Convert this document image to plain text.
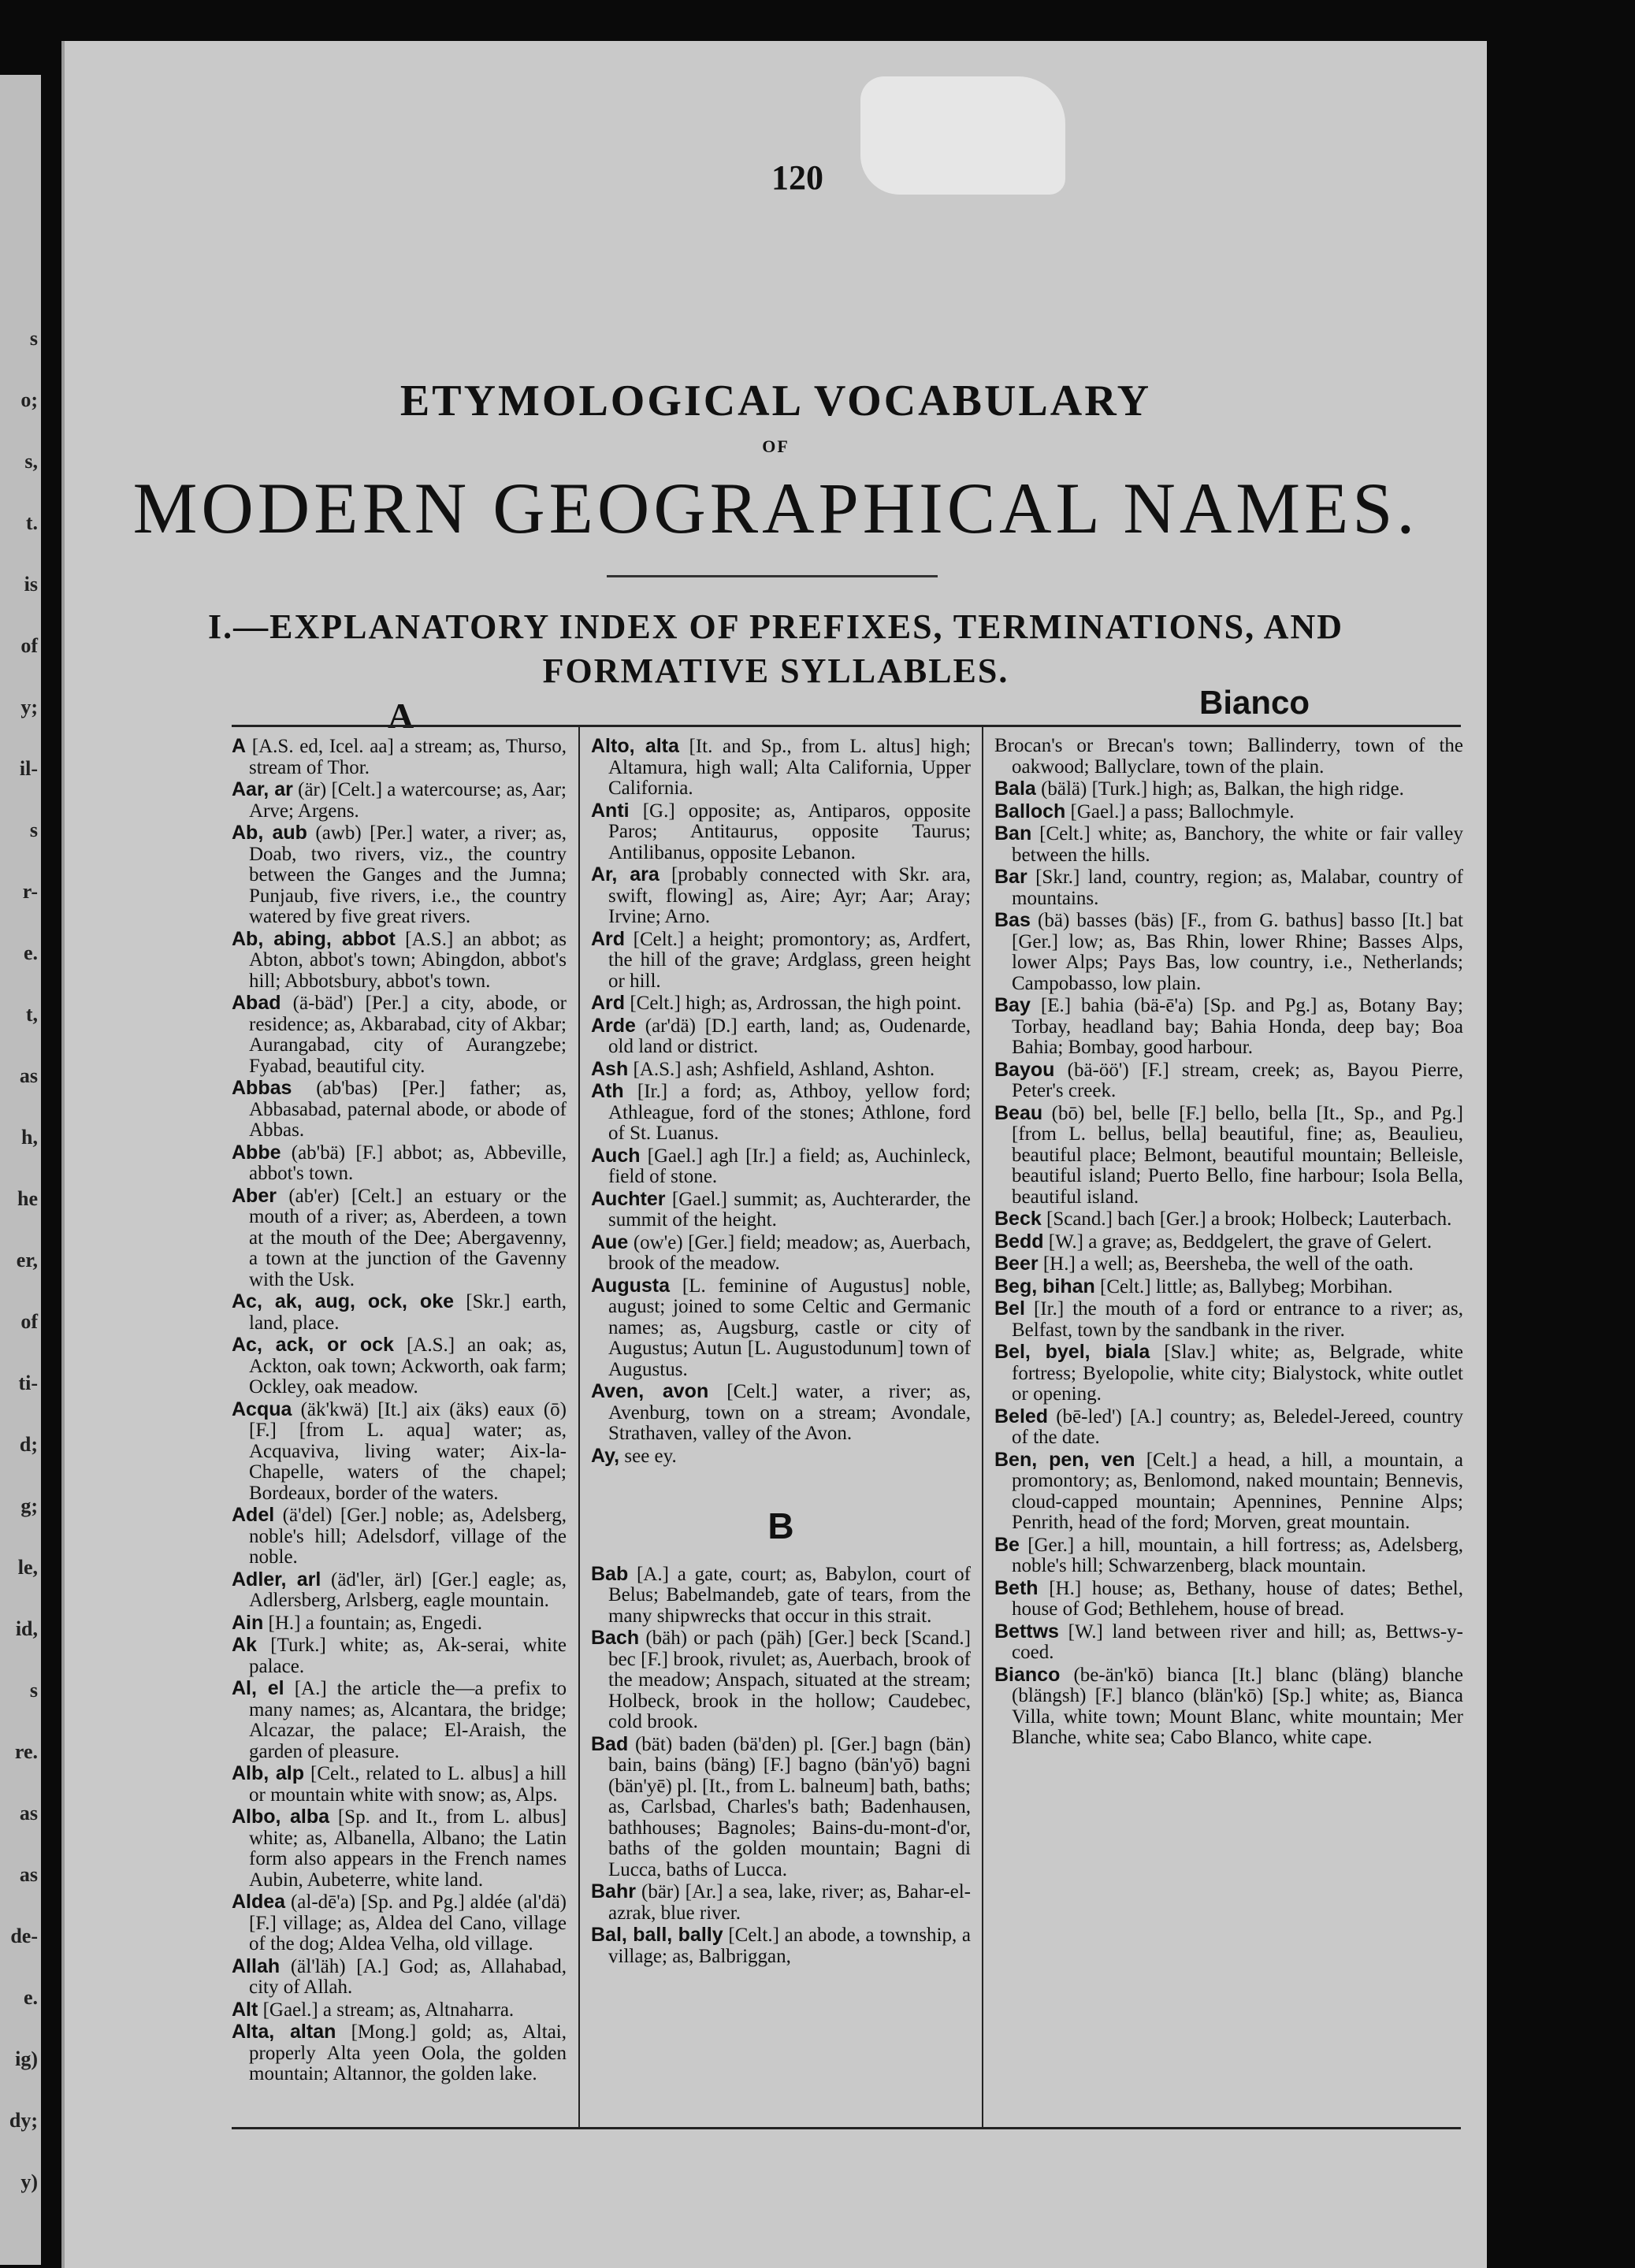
s
o;
s,
t.
is
of
y;
il-
s
r-
e.
t,
as
h,
he
er,
of
ti-
d;
g;
le,
id,
s
re.
as
as
de-
e.
ig)
dy;
y)
120
ETYMOLOGICAL VOCABULARY
OF
MODERN GEOGRAPHICAL NAMES.
I.—EXPLANATORY INDEX OF PREFIXES, TERMINATIONS, AND
FORMATIVE SYLLABLES.
A	Bianco

A [A.S. ed, Icel. aa] a stream; as, Thurso, stream of Thor.

Aar, ar (är) [Celt.] a watercourse; as, Aar; Arve; Argens.

Ab, aub (awb) [Per.] water, a river; as, Doab, two rivers, viz., the country between the Ganges and the Jumna; Punjaub, five rivers, i.e., the country watered by five great rivers.

Ab, abing, abbot [A.S.] an abbot; as Abton, abbot's town; Abingdon, abbot's hill; Abbotsbury, abbot's town.

Abad (ä-bäd') [Per.] a city, abode, or residence; as, Akbarabad, city of Akbar; Aurangabad, city of Aurangzebe; Fyabad, beautiful city.

Abbas (ab'bas) [Per.] father; as, Abbasabad, paternal abode, or abode of Abbas.

Abbe (ab'bä) [F.] abbot; as, Abbeville, abbot's town.

Aber (ab'er) [Celt.] an estuary or the mouth of a river; as, Aberdeen, a town at the mouth of the Dee; Abergavenny, a town at the junction of the Gavenny with the Usk.

Ac, ak, aug, ock, oke [Skr.] earth, land, place.

Ac, ack, or ock [A.S.] an oak; as, Ackton, oak town; Ackworth, oak farm; Ockley, oak meadow.

Acqua (äk'kwä) [It.] aix (äks) eaux (ō) [F.] [from L. aqua] water; as, Acquaviva, living water; Aix-la-Chapelle, waters of the chapel; Bordeaux, border of the waters.

Adel (ä'del) [Ger.] noble; as, Adelsberg, noble's hill; Adelsdorf, village of the noble.

Adler, arl (äd'ler, ärl) [Ger.] eagle; as, Adlersberg, Arlsberg, eagle mountain.

Ain [H.] a fountain; as, Engedi.

Ak [Turk.] white; as, Ak-serai, white palace.

Al, el [A.] the article the—a prefix to many names; as, Alcantara, the bridge; Alcazar, the palace; El-Araish, the garden of pleasure.

Alb, alp [Celt., related to L. albus] a hill or mountain white with snow; as, Alps.

Albo, alba [Sp. and It., from L. albus] white; as, Albanella, Albano; the Latin form also appears in the French names Aubin, Aubeterre, white land.

Aldea (al-dē'a) [Sp. and Pg.] aldée (al'dä) [F.] village; as, Aldea del Cano, village of the dog; Aldea Velha, old village.

Allah (äl'läh) [A.] God; as, Allahabad, city of Allah.

Alt [Gael.] a stream; as, Altnaharra.

Alta, altan [Mong.] gold; as, Altai, properly Alta yeen Oola, the golden mountain; Altannor, the golden lake.

Alto, alta [It. and Sp., from L. altus] high; Altamura, high wall; Alta California, Upper California.

Anti [G.] opposite; as, Antiparos, opposite Paros; Antitaurus, opposite Taurus; Antilibanus, opposite Lebanon.

Ar, ara [probably connected with Skr. ara, swift, flowing] as, Aire; Ayr; Aar; Aray; Irvine; Arno.

Ard [Celt.] a height; promontory; as, Ardfert, the hill of the grave; Ardglass, green height or hill.

Ard [Celt.] high; as, Ardrossan, the high point.

Arde (ar'dä) [D.] earth, land; as, Oudenarde, old land or district.

Ash [A.S.] ash; Ashfield, Ashland, Ashton.

Ath [Ir.] a ford; as, Athboy, yellow ford; Athleague, ford of the stones; Athlone, ford of St. Luanus.

Auch [Gael.] agh [Ir.] a field; as, Auchinleck, field of stone.

Auchter [Gael.] summit; as, Auchterarder, the summit of the height.

Aue (ow'e) [Ger.] field; meadow; as, Auerbach, brook of the meadow.

Augusta [L. feminine of Augustus] noble, august; joined to some Celtic and Germanic names; as, Augsburg, castle or city of Augustus; Autun [L. Augustodunum] town of Augustus.

Aven, avon [Celt.] water, a river; as, Avenburg, town on a stream; Avondale, Strathaven, valley of the Avon.

Ay, see ey.

B

Bab [A.] a gate, court; as, Babylon, court of Belus; Babelmandeb, gate of tears, from the many shipwrecks that occur in this strait.

Bach (bäh) or pach (päh) [Ger.] beck [Scand.] bec [F.] brook, rivulet; as, Auerbach, brook of the meadow; Anspach, situated at the stream; Holbeck, brook in the hollow; Caudebec, cold brook.

Bad (bät) baden (bä'den) pl. [Ger.] bagn (bän) bain, bains (bäng) [F.] bagno (bän'yō) bagni (bän'yē) pl. [It., from L. balneum] bath, baths; as, Carlsbad, Charles's bath; Badenhausen, bathhouses; Bagnoles; Bains-du-mont-d'or, baths of the golden mountain; Bagni di Lucca, baths of Lucca.

Bahr (bär) [Ar.] a sea, lake, river; as, Bahar-el-azrak, blue river.

Bal, ball, bally [Celt.] an abode, a township, a village; as, Balbriggan,

Brocan's or Brecan's town; Ballinderry, town of the oakwood; Ballyclare, town of the plain.

Bala (bälä) [Turk.] high; as, Balkan, the high ridge.

Balloch [Gael.] a pass; Ballochmyle.

Ban [Celt.] white; as, Banchory, the white or fair valley between the hills.

Bar [Skr.] land, country, region; as, Malabar, country of mountains.

Bas (bä) basses (bäs) [F., from G. bathus] basso [It.] bat [Ger.] low; as, Bas Rhin, lower Rhine; Basses Alps, lower Alps; Pays Bas, low country, i.e., Netherlands; Campobasso, low plain.

Bay [E.] bahia (bä-ē'a) [Sp. and Pg.] as, Botany Bay; Torbay, headland bay; Bahia Honda, deep bay; Boa Bahia; Bombay, good harbour.

Bayou (bä-öö') [F.] stream, creek; as, Bayou Pierre, Peter's creek.

Beau (bō) bel, belle [F.] bello, bella [It., Sp., and Pg.] [from L. bellus, bella] beautiful, fine; as, Beaulieu, beautiful place; Belmont, beautiful mountain; Belleisle, beautiful island; Puerto Bello, fine harbour; Isola Bella, beautiful island.

Beck [Scand.] bach [Ger.] a brook; Holbeck; Lauterbach.

Bedd [W.] a grave; as, Beddgelert, the grave of Gelert.

Beer [H.] a well; as, Beersheba, the well of the oath.

Beg, bihan [Celt.] little; as, Ballybeg; Morbihan.

Bel [Ir.] the mouth of a ford or entrance to a river; as, Belfast, town by the sandbank in the river.

Bel, byel, biala [Slav.] white; as, Belgrade, white fortress; Byelopolie, white city; Bialystock, white outlet or opening.

Beled (bē-led') [A.] country; as, Beledel-Jereed, country of the date.

Ben, pen, ven [Celt.] a head, a hill, a mountain, a promontory; as, Benlomond, naked mountain; Bennevis, cloud-capped mountain; Apennines, Pennine Alps; Penrith, head of the ford; Morven, great mountain.

Be [Ger.] a hill, mountain, a hill fortress; as, Adelsberg, noble's hill; Schwarzenberg, black mountain.

Beth [H.] house; as, Bethany, house of dates; Bethel, house of God; Bethlehem, house of bread.

Bettws [W.] land between river and hill; as, Bettws-y-coed.

Bianco (be-än'kō) bianca [It.] blanc (bläng) blanche (blängsh) [F.] blanco (blän'kō) [Sp.] white; as, Bianca Villa, white town; Mount Blanc, white mountain; Mer Blanche, white sea; Cabo Blanco, white cape.
